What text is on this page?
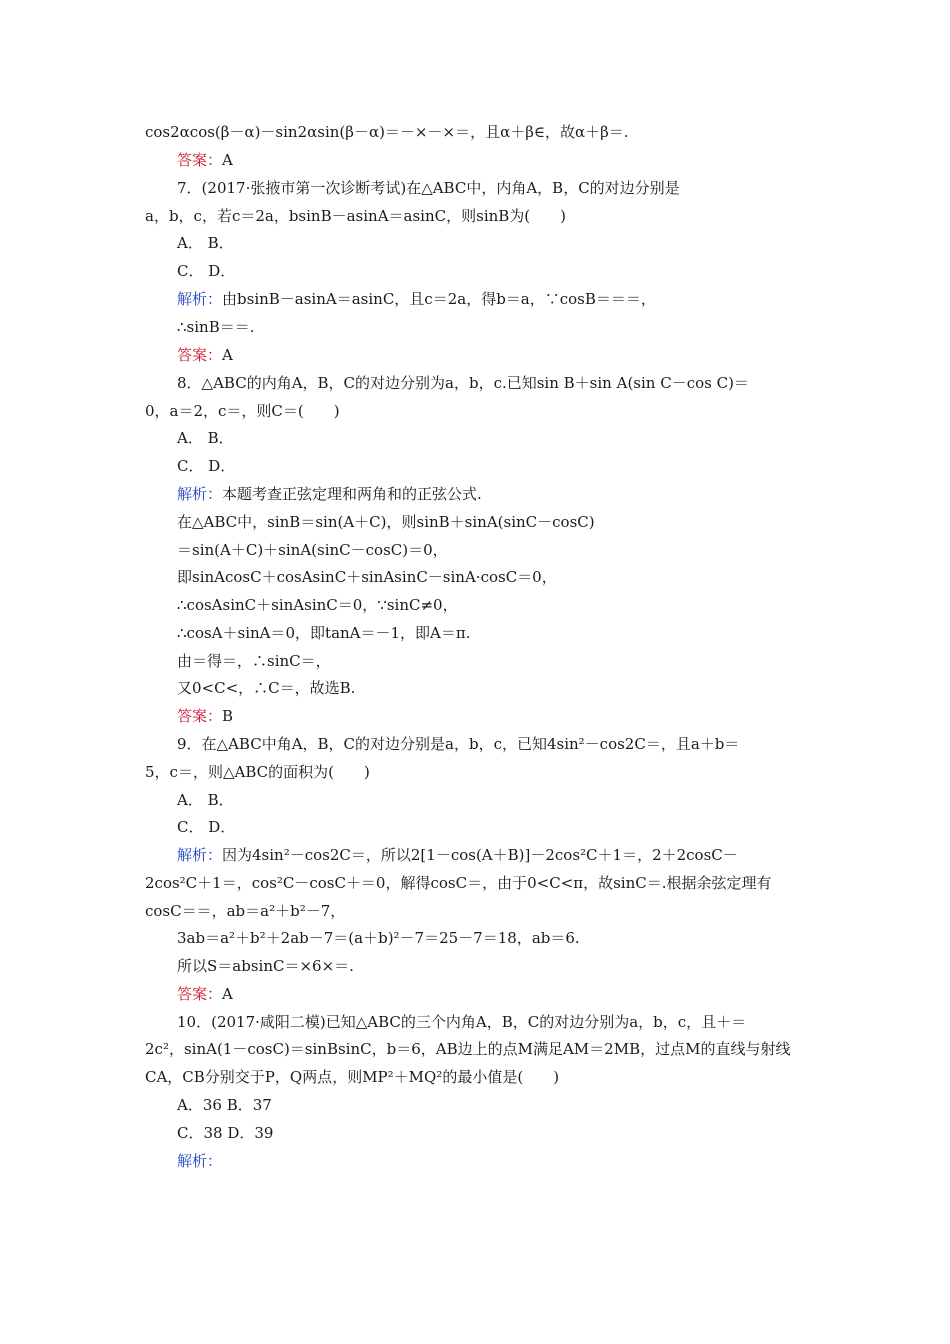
cos2αcos(β－α)－sin2αsin(β－α)＝－×－×＝，且α＋β∈，故α＋β＝.
答案：A
7．(2017·张掖市第一次诊断考试)在△ABC中，内角A，B，C的对边分别是
a，b，c，若c＝2a，bsinB－asinA＝asinC，则sinB为(　　)
A． B．
C． D．
解析：由bsinB－asinA＝asinC，且c＝2a，得b＝a，∵cosB＝＝＝，
∴sinB＝＝.
答案：A
8．△ABC的内角A，B，C的对边分别为a，b，c.已知sin B＋sin A(sin C－cos C)＝
0，a＝2，c＝，则C＝(　　)
A． B．
C． D．
解析：本题考查正弦定理和两角和的正弦公式.
在△ABC中，sinB＝sin(A＋C)，则sinB＋sinA(sinC－cosC)
＝sin(A＋C)＋sinA(sinC－cosC)＝0，
即sinAcosC＋cosAsinC＋sinAsinC－sinA·cosC＝0，
∴cosAsinC＋sinAsinC＝0，∵sinC≠0，
∴cosA＋sinA＝0，即tanA＝－1，即A＝π.
由＝得＝，∴sinC＝，
又0<C<，∴C＝，故选B.
答案：B
9．在△ABC中角A，B，C的对边分别是a，b，c，已知4sin²－cos2C＝，且a＋b＝
5，c＝，则△ABC的面积为(　　)
A． B．
C． D．
解析：因为4sin²－cos2C＝，所以2[1－cos(A＋B)]－2cos²C＋1＝，2＋2cosC－
2cos²C＋1＝，cos²C－cosC＋＝0，解得cosC＝，由于0<C<π，故sinC＝.根据余弦定理有
cosC＝＝，ab＝a²＋b²－7，
3ab＝a²＋b²＋2ab－7＝(a＋b)²－7＝25－7＝18，ab＝6.
所以S＝absinC＝×6×＝.
答案：A
10．(2017·咸阳二模)已知△ABC的三个内角A，B，C的对边分别为a，b，c，且＋＝
2c²，sinA(1－cosC)＝sinBsinC，b＝6，AB边上的点M满足AM＝2MB，过点M的直线与射线
CA，CB分别交于P，Q两点，则MP²＋MQ²的最小值是(　　)
A．36 B．37
C．38 D．39
解析：
